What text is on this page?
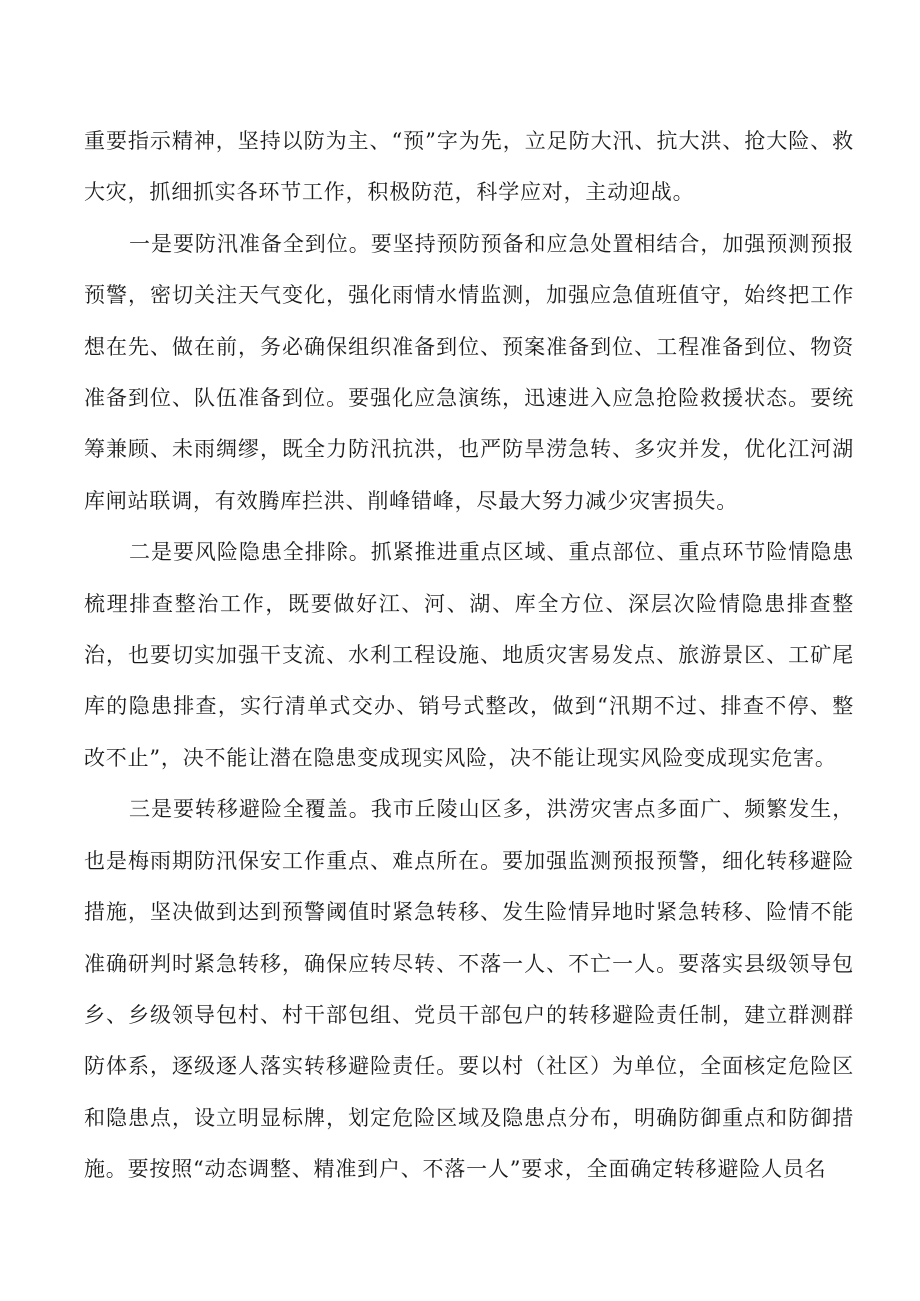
重要指示精神，坚持以防为主、“预”字为先，立足防大汛、抗大洪、抢大险、救大灾，抓细抓实各环节工作，积极防范，科学应对，主动迎战。

一是要防汛准备全到位。要坚持预防预备和应急处置相结合，加强预测预报预警，密切关注天气变化，强化雨情水情监测，加强应急值班值守，始终把工作想在先、做在前，务必确保组织准备到位、预案准备到位、工程准备到位、物资准备到位、队伍准备到位。要强化应急演练，迅速进入应急抢险救援状态。要统筹兼顾、未雨绸缪，既全力防汛抗洪，也严防旱涝急转、多灾并发，优化江河湖库闸站联调，有效腾库拦洪、削峰错峰，尽最大努力减少灾害损失。

二是要风险隐患全排除。抓紧推进重点区域、重点部位、重点环节险情隐患梳理排查整治工作，既要做好江、河、湖、库全方位、深层次险情隐患排查整治，也要切实加强干支流、水利工程设施、地质灾害易发点、旅游景区、工矿尾库的隐患排查，实行清单式交办、销号式整改，做到“汛期不过、排查不停、整改不止”，决不能让潜在隐患变成现实风险，决不能让现实风险变成现实危害。

三是要转移避险全覆盖。我市丘陵山区多，洪涝灾害点多面广、频繁发生，也是梅雨期防汛保安工作重点、难点所在。要加强监测预报预警，细化转移避险措施，坚决做到达到预警阈值时紧急转移、发生险情异地时紧急转移、险情不能准确研判时紧急转移，确保应转尽转、不落一人、不亡一人。要落实县级领导包乡、乡级领导包村、村干部包组、党员干部包户的转移避险责任制，建立群测群防体系，逐级逐人落实转移避险责任。要以村（社区）为单位，全面核定危险区和隐患点，设立明显标牌，划定危险区域及隐患点分布，明确防御重点和防御措施。要按照“动态调整、精准到户、不落一人”要求，全面确定转移避险人员名
